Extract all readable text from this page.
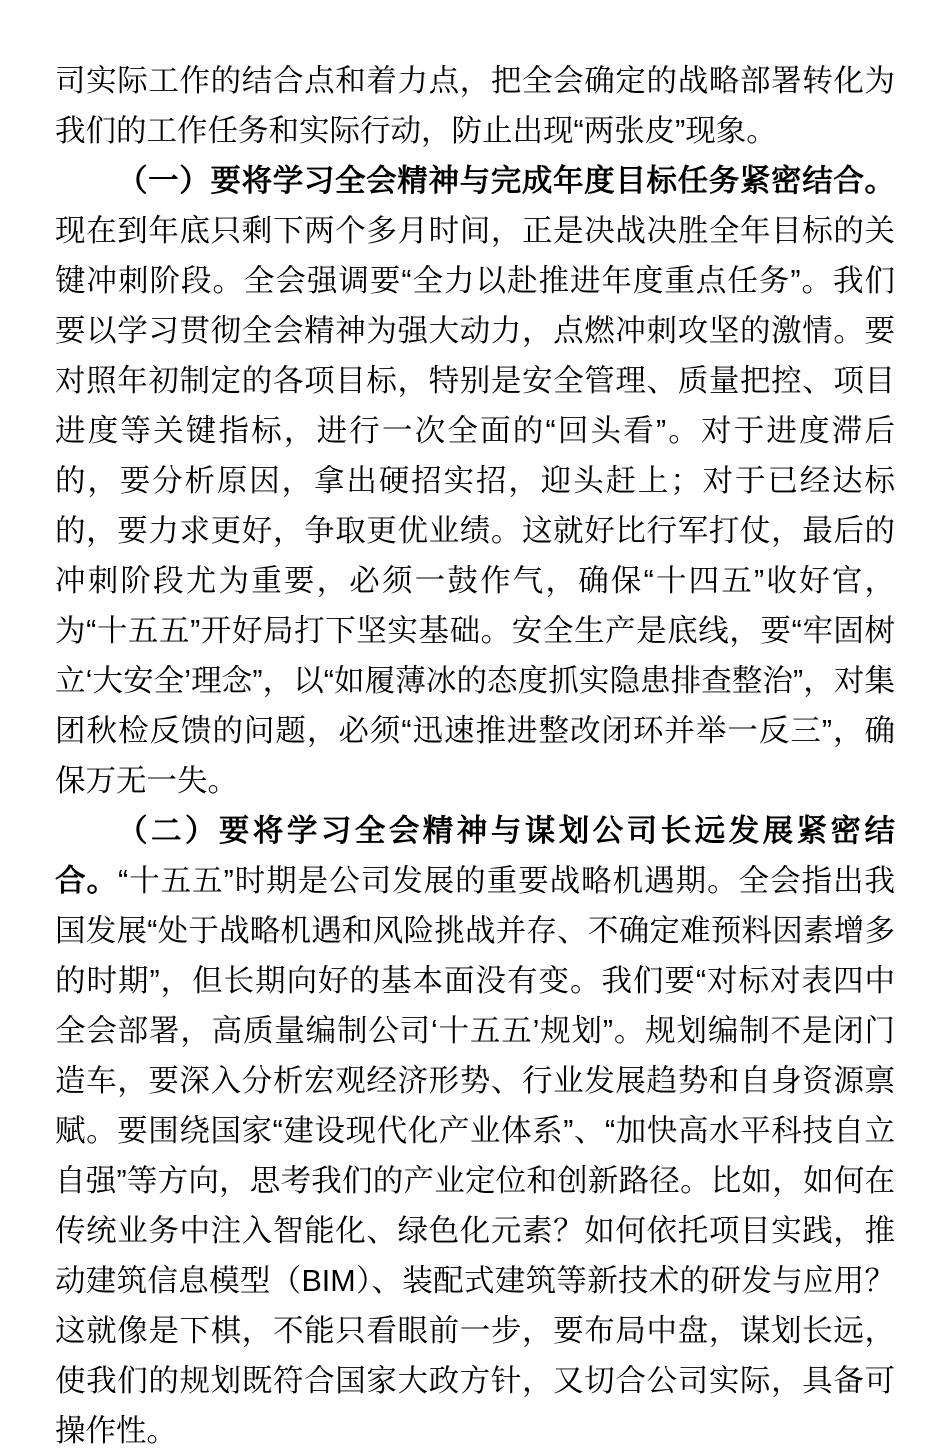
司实际工作的结合点和着力点，把全会确定的战略部署转化为我们的工作任务和实际行动，防止出现“两张皮”现象。

（一）要将学习全会精神与完成年度目标任务紧密结合。现在到年底只剩下两个多月时间，正是决战决胜全年目标的关键冲刺阶段。全会强调要“全力以赴推进年度重点任务”。我们要以学习贯彻全会精神为强大动力，点燃冲刺攻坚的激情。要对照年初制定的各项目标，特别是安全管理、质量把控、项目进度等关键指标，进行一次全面的“回头看”。对于进度滞后的，要分析原因，拿出硬招实招，迎头赶上；对于已经达标的，要力求更好，争取更优业绩。这就好比行军打仗，最后的冲刺阶段尤为重要，必须一鼓作气，确保“十四五”收好官，为“十五五”开好局打下坚实基础。安全生产是底线，要“牢固树立‘大安全’理念”，以“如履薄冰的态度抓实隐患排查整治”，对集团秋检反馈的问题，必须“迅速推进整改闭环并举一反三”，确保万无一失。

（二）要将学习全会精神与谋划公司长远发展紧密结合。“十五五”时期是公司发展的重要战略机遇期。全会指出我国发展“处于战略机遇和风险挑战并存、不确定难预料因素增多的时期”，但长期向好的基本面没有变。我们要“对标对表四中全会部署，高质量编制公司‘十五五’规划”。规划编制不是闭门造车，要深入分析宏观经济形势、行业发展趋势和自身资源禀赋。要围绕国家“建设现代化产业体系”、“加快高水平科技自立自强”等方向，思考我们的产业定位和创新路径。比如，如何在传统业务中注入智能化、绿色化元素？如何依托项目实践，推动建筑信息模型（BIM）、装配式建筑等新技术的研发与应用？这就像是下棋，不能只看眼前一步，要布局中盘，谋划长远，使我们的规划既符合国家大政方针，又切合公司实际，具备可操作性。
